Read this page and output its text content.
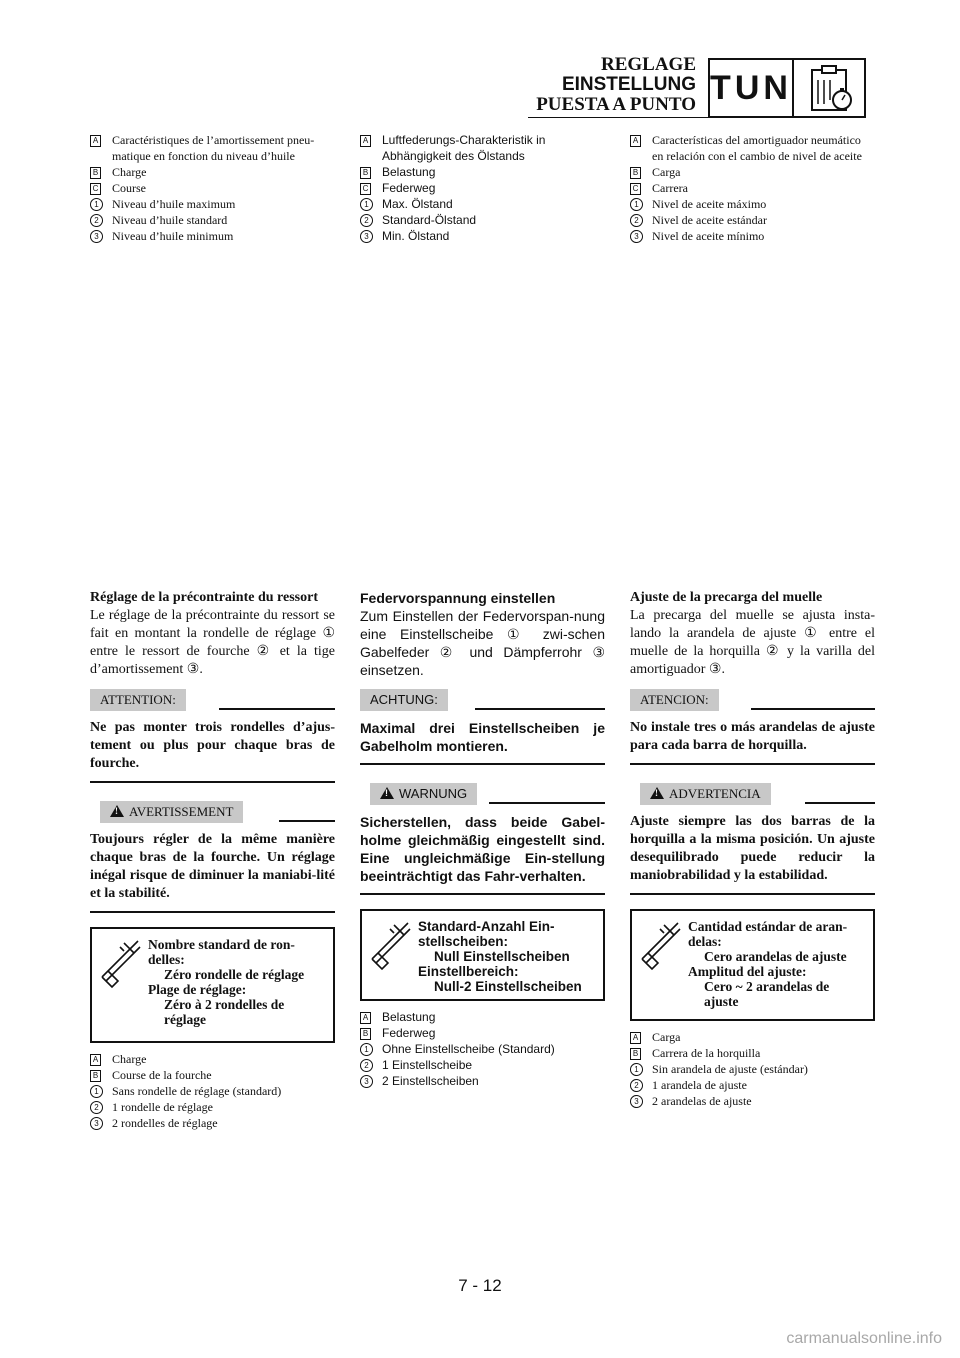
REGLAGE
EINSTELLUNG
PUESTA A PUNTO TUN
A	Caractéristiques de l’amortissement pneu-
matique en fonction du niveau d’huile
B	Charge
C	Course
1	Niveau d’huile maximum
2	Niveau d’huile standard
3	Niveau d’huile minimum
Réglage de la précontrainte du ressort
Le réglage de la précontrainte du ressort se fait en montant la rondelle de réglage ① entre le ressort de fourche ② et la tige d’amortissement ③.
ATTENTION:
Ne pas monter trois rondelles d’ajus-tement ou plus pour chaque bras de fourche.
! AVERTISSEMENT
Toujours régler de la même manière chaque bras de la fourche. Un réglage inégal risque de diminuer la maniabi-lité et la stabilité.
Nombre standard de ron-
delles:
Zéro rondelle de réglage
Plage de réglage:
Zéro à 2 rondelles de
réglage
A	Charge
B	Course de la fourche
1	Sans rondelle de réglage (standard)
2	1 rondelle de réglage
3	2 rondelles de réglage
A	Luftfederungs-Charakteristik in
Abhängigkeit des Ölstands
B	Belastung
C	Federweg
1	Max. Ölstand
2	Standard-Ölstand
3	Min. Ölstand
Federvorspannung einstellen
Zum Einstellen der Federvorspan-nung eine Einstellscheibe ① zwi-schen Gabelfeder ② und Dämpferrohr ③ einsetzen.
ACHTUNG:
Maximal drei Einstellscheiben je Gabelholm montieren.
! WARNUNG
Sicherstellen, dass beide Gabel-holme gleichmäßig eingestellt sind. Eine ungleichmäßige Ein-stellung beeinträchtigt das Fahr-verhalten.
Standard-Anzahl Ein-
stellscheiben:
Null Einstellscheiben
Einstellbereich:
Null-2 Einstellscheiben
A	Belastung
B	Federweg
1	Ohne Einstellscheibe (Standard)
2	1 Einstellscheibe
3	2 Einstellscheiben
A	Características del amortiguador neumático
en relación con el cambio de nivel de aceite
B	Carga
C	Carrera
1	Nivel de aceite máximo
2	Nivel de aceite estándar
3	Nivel de aceite mínimo
Ajuste de la precarga del muelle
La precarga del muelle se ajusta insta-lando la arandela de ajuste ① entre el muelle de la horquilla ② y la varilla del amortiguador ③.
ATENCION:
No instale tres o más arandelas de ajuste para cada barra de horquilla.
! ADVERTENCIA
Ajuste siempre las dos barras de la horquilla a la misma posición. Un ajuste desequilibrado puede reducir la maniobrabilidad y la estabilidad.
Cantidad estándar de aran-
delas:
Cero arandelas de ajuste
Amplitud del ajuste:
Cero ~ 2 arandelas de
ajuste
A	Carga
B	Carrera de la horquilla
1	Sin arandela de ajuste (estándar)
2	1 arandela de ajuste
3	2 arandelas de ajuste
7 - 12
carmanualsonline.info
